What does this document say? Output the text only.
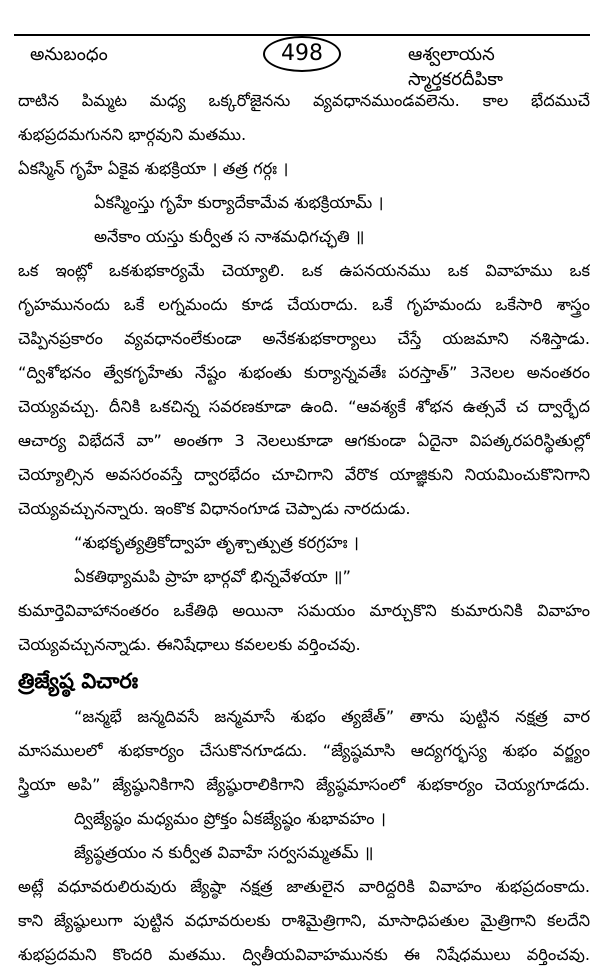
అనుబంధం	ఆశ్వలాయన స్మార్తకరదీపికా
498
దాటిన పిమ్మట మధ్య ఒక్కరోజైనను వ్యవధానముండవలెను. కాల భేదముచే
శుభప్రదమగునని భార్గవుని మతము.
ఏకస్మిన్ గృహే ఏకైవ శుభక్రియా । తత్ర గర్గః ।
ఏకస్మింస్తు గృహే కుర్యాదేకామేవ శుభక్రియామ్ ।
అనేకాం యస్తు కుర్వీత స నాశమధిగచ్ఛతి ॥
ఒక ఇంట్లో ఒకశుభకార్యమే చెయ్యాలి. ఒక ఉపనయనము ఒక వివాహము ఒక
గృహమునందు ఒకే లగ్నమందు కూడ చేయరాదు. ఒకే గృహమందు ఒకేసారి శాస్త్రం
చెప్పినప్రకారం వ్యవధానంలేకుండా అనేకశుభకార్యాలు చేస్తే యజమాని నశిస్తాడు.
“ద్విశోభనం త్వేకగృహేతు నేష్టం శుభంతు కుర్యాన్నవతేః పరస్తాత్” 3నెలల అనంతరం
చెయ్యవచ్చు. దీనికి ఒకచిన్న సవరణకూడా ఉంది. “ఆవశ్యకే శోభన ఉత్సవే చ ద్వార్భేద
ఆచార్య విభేదనే వా” అంతగా 3 నెలలుకూడా ఆగకుండా ఏదైనా విపత్కరపరిస్థితుల్లో
చెయ్యాల్సిన అవసరంవస్తే ద్వారభేదం చూచిగాని వేరొక యాజ్ఞికుని నియమించుకొనిగాని
చెయ్యవచ్చునన్నారు. ఇంకొక విధానంగూడ చెప్పాడు నారదుడు.
“శుభకృత్యత్రికోద్వాహ తృశ్చాత్పుత్ర కరగ్రహః ।
ఏకతిథ్యామపి ప్రాహ భార్గవో భిన్నవేళయా ॥”
కుమార్తెవివాహానంతరం ఒకేతిథి అయినా సమయం మార్చుకొని కుమారునికి వివాహం
చెయ్యవచ్చునన్నాడు. ఈనిషేధాలు కవలలకు వర్తించవు.
త్రిజ్యేష్ఠ విచారః
“జన్మభే జన్మదివసే జన్మమాసే శుభం త్యజేత్” తాను పుట్టిన నక్షత్ర వార
మాసములలో శుభకార్యం చేసుకొనగూడదు. “జ్యేష్ఠమాసి ఆద్యగర్భస్య శుభం వర్జ్యం
స్త్రియా అపి” జ్యేష్ఠునికిగాని జ్యేష్ఠురాలికిగాని జ్యేష్ఠమాసంలో శుభకార్యం చెయ్యగూడదు.
ద్విజ్యేష్ఠం మధ్యమం ప్రోక్తం ఏకజ్యేష్ఠం శుభావహం ।
జ్యేష్ఠత్రయం న కుర్వీత వివాహే సర్వసమ్మతమ్ ॥
అట్లే వధూవరులిరువురు జ్యేష్ఠా నక్షత్ర జాతులైన వారిద్దరికి వివాహం శుభప్రదంకాదు.
కాని జ్యేష్ఠులుగా పుట్టిన వధూవరులకు రాశిమైత్రిగాని, మాసాధిపతుల మైత్రిగాని కలదేని
శుభప్రదమని కొందరి మతము. ద్వితీయవివాహమునకు ఈ నిషేధములు వర్తించవు.
